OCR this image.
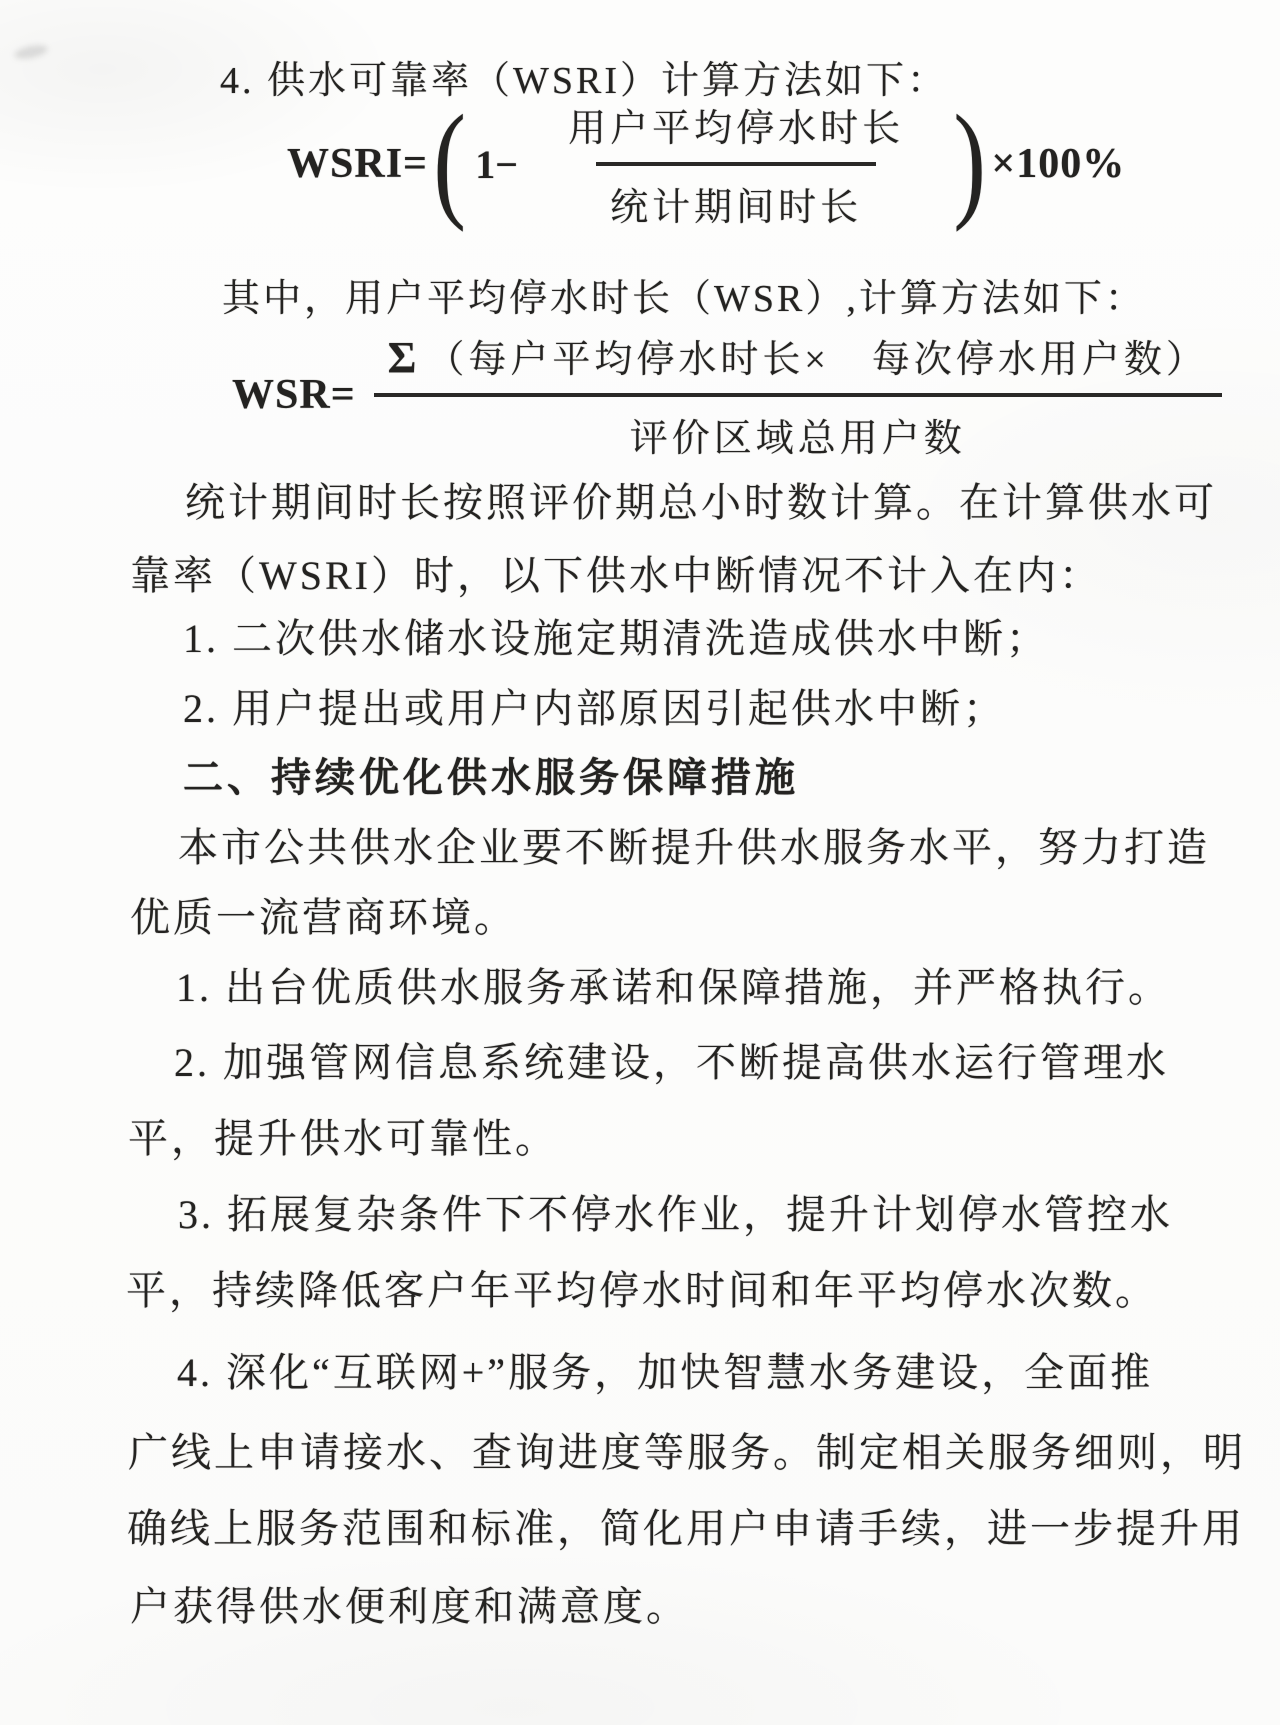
4. 供水可靠率（WSRI）计算方法如下：
WSRI= ( $1- \frac{\text{用户平均停水时长}}{\text{统计期间时长}}$ ) ×100%
其中，用户平均停水时长（WSR）,计算方法如下：
$WSR= \frac{\text{Σ （每户平均停水时长×　每次停水用户数）}}{\text{评价区域总用户数}}$
统计期间时长按照评价期总小时数计算。在计算供水可
靠率（WSRI）时，以下供水中断情况不计入在内：
1. 二次供水储水设施定期清洗造成供水中断；
2. 用户提出或用户内部原因引起供水中断；
二、持续优化供水服务保障措施
本市公共供水企业要不断提升供水服务水平，努力打造
优质一流营商环境。
1. 出台优质供水服务承诺和保障措施，并严格执行。
2. 加强管网信息系统建设，不断提高供水运行管理水
平，提升供水可靠性。
3. 拓展复杂条件下不停水作业，提升计划停水管控水
平，持续降低客户年平均停水时间和年平均停水次数。
4. 深化“互联网+”服务，加快智慧水务建设，全面推
广线上申请接水、查询进度等服务。制定相关服务细则，明
确线上服务范围和标准，简化用户申请手续，进一步提升用
户获得供水便利度和满意度。
